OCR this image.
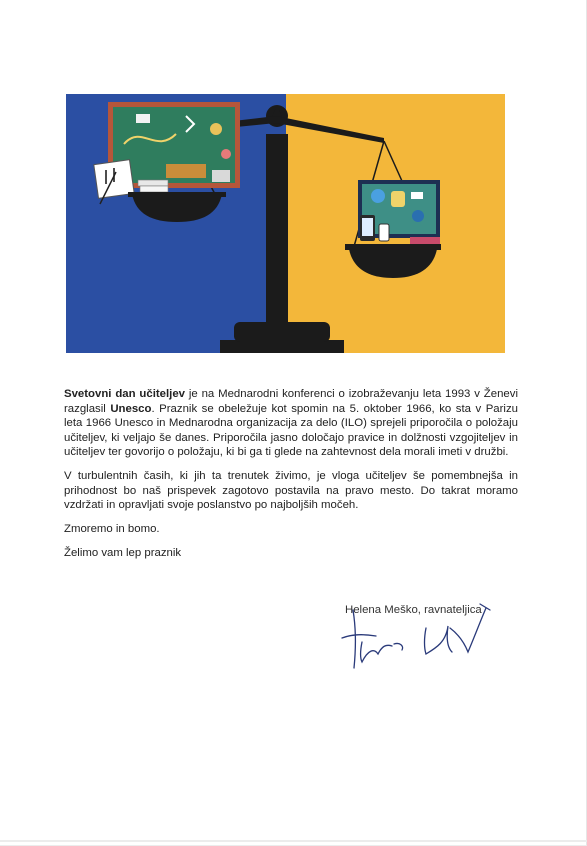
Svetovni dan učiteljev je na Mednarodni konferenci o izobraževanju leta 1993 v Ženevi razglasil Unesco. Praznik se obeležuje kot spomin na 5. oktober 1966, ko sta v Parizu leta 1966 Unesco in Mednarodna organizacija za delo (ILO) sprejeli priporočila o položaju učiteljev, ki veljajo še danes. Priporočila jasno določajo pravice in dolžnosti vzgojiteljev in učiteljev ter govorijo o položaju, ki bi ga ti glede na zahtevnost dela morali imeti v družbi.

V turbulentnih časih, ki jih ta trenutek živimo, je vloga učiteljev še pomembnejša in prihodnost bo naš prispevek zagotovo postavila na pravo mesto. Do takrat moramo vzdržati in opravljati svoje poslanstvo po najboljših močeh.

Zmoremo in bomo.

Želimo vam lep praznik

Helena Meško, ravnateljica
